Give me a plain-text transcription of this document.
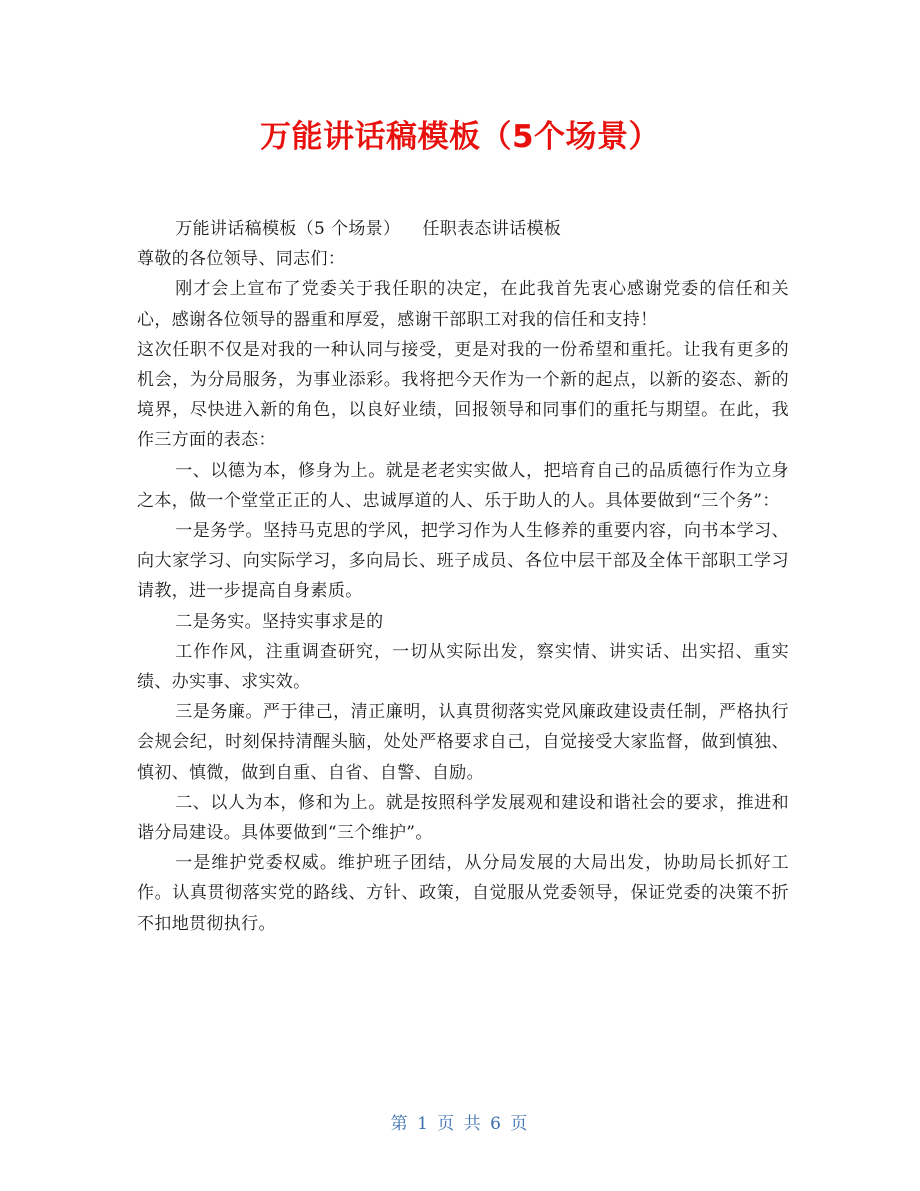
万能讲话稿模板（5个场景）

万能讲话稿模板（5 个场景） 任职表态讲话模板

尊敬的各位领导、同志们：

刚才会上宣布了党委关于我任职的决定，在此我首先衷心感谢党委的信任和关心，感谢各位领导的器重和厚爱，感谢干部职工对我的信任和支持！

这次任职不仅是对我的一种认同与接受，更是对我的一份希望和重托。让我有更多的机会，为分局服务，为事业添彩。我将把今天作为一个新的起点，以新的姿态、新的境界，尽快进入新的角色，以良好业绩，回报领导和同事们的重托与期望。在此，我作三方面的表态：

一、以德为本，修身为上。就是老老实实做人，把培育自己的品质德行作为立身之本，做一个堂堂正正的人、忠诚厚道的人、乐于助人的人。具体要做到“三个务”：

一是务学。坚持马克思的学风，把学习作为人生修养的重要内容，向书本学习、向大家学习、向实际学习，多向局长、班子成员、各位中层干部及全体干部职工学习请教，进一步提高自身素质。

二是务实。坚持实事求是的

工作作风，注重调查研究，一切从实际出发，察实情、讲实话、出实招、重实绩、办实事、求实效。

三是务廉。严于律己，清正廉明，认真贯彻落实党风廉政建设责任制，严格执行会规会纪，时刻保持清醒头脑，处处严格要求自己，自觉接受大家监督，做到慎独、慎初、慎微，做到自重、自省、自警、自励。

二、以人为本，修和为上。就是按照科学发展观和建设和谐社会的要求，推进和谐分局建设。具体要做到“三个维护”。

一是维护党委权威。维护班子团结，从分局发展的大局出发，协助局长抓好工作。认真贯彻落实党的路线、方针、政策，自觉服从党委领导，保证党委的决策不折不扣地贯彻执行。

第 1 页 共 6 页
